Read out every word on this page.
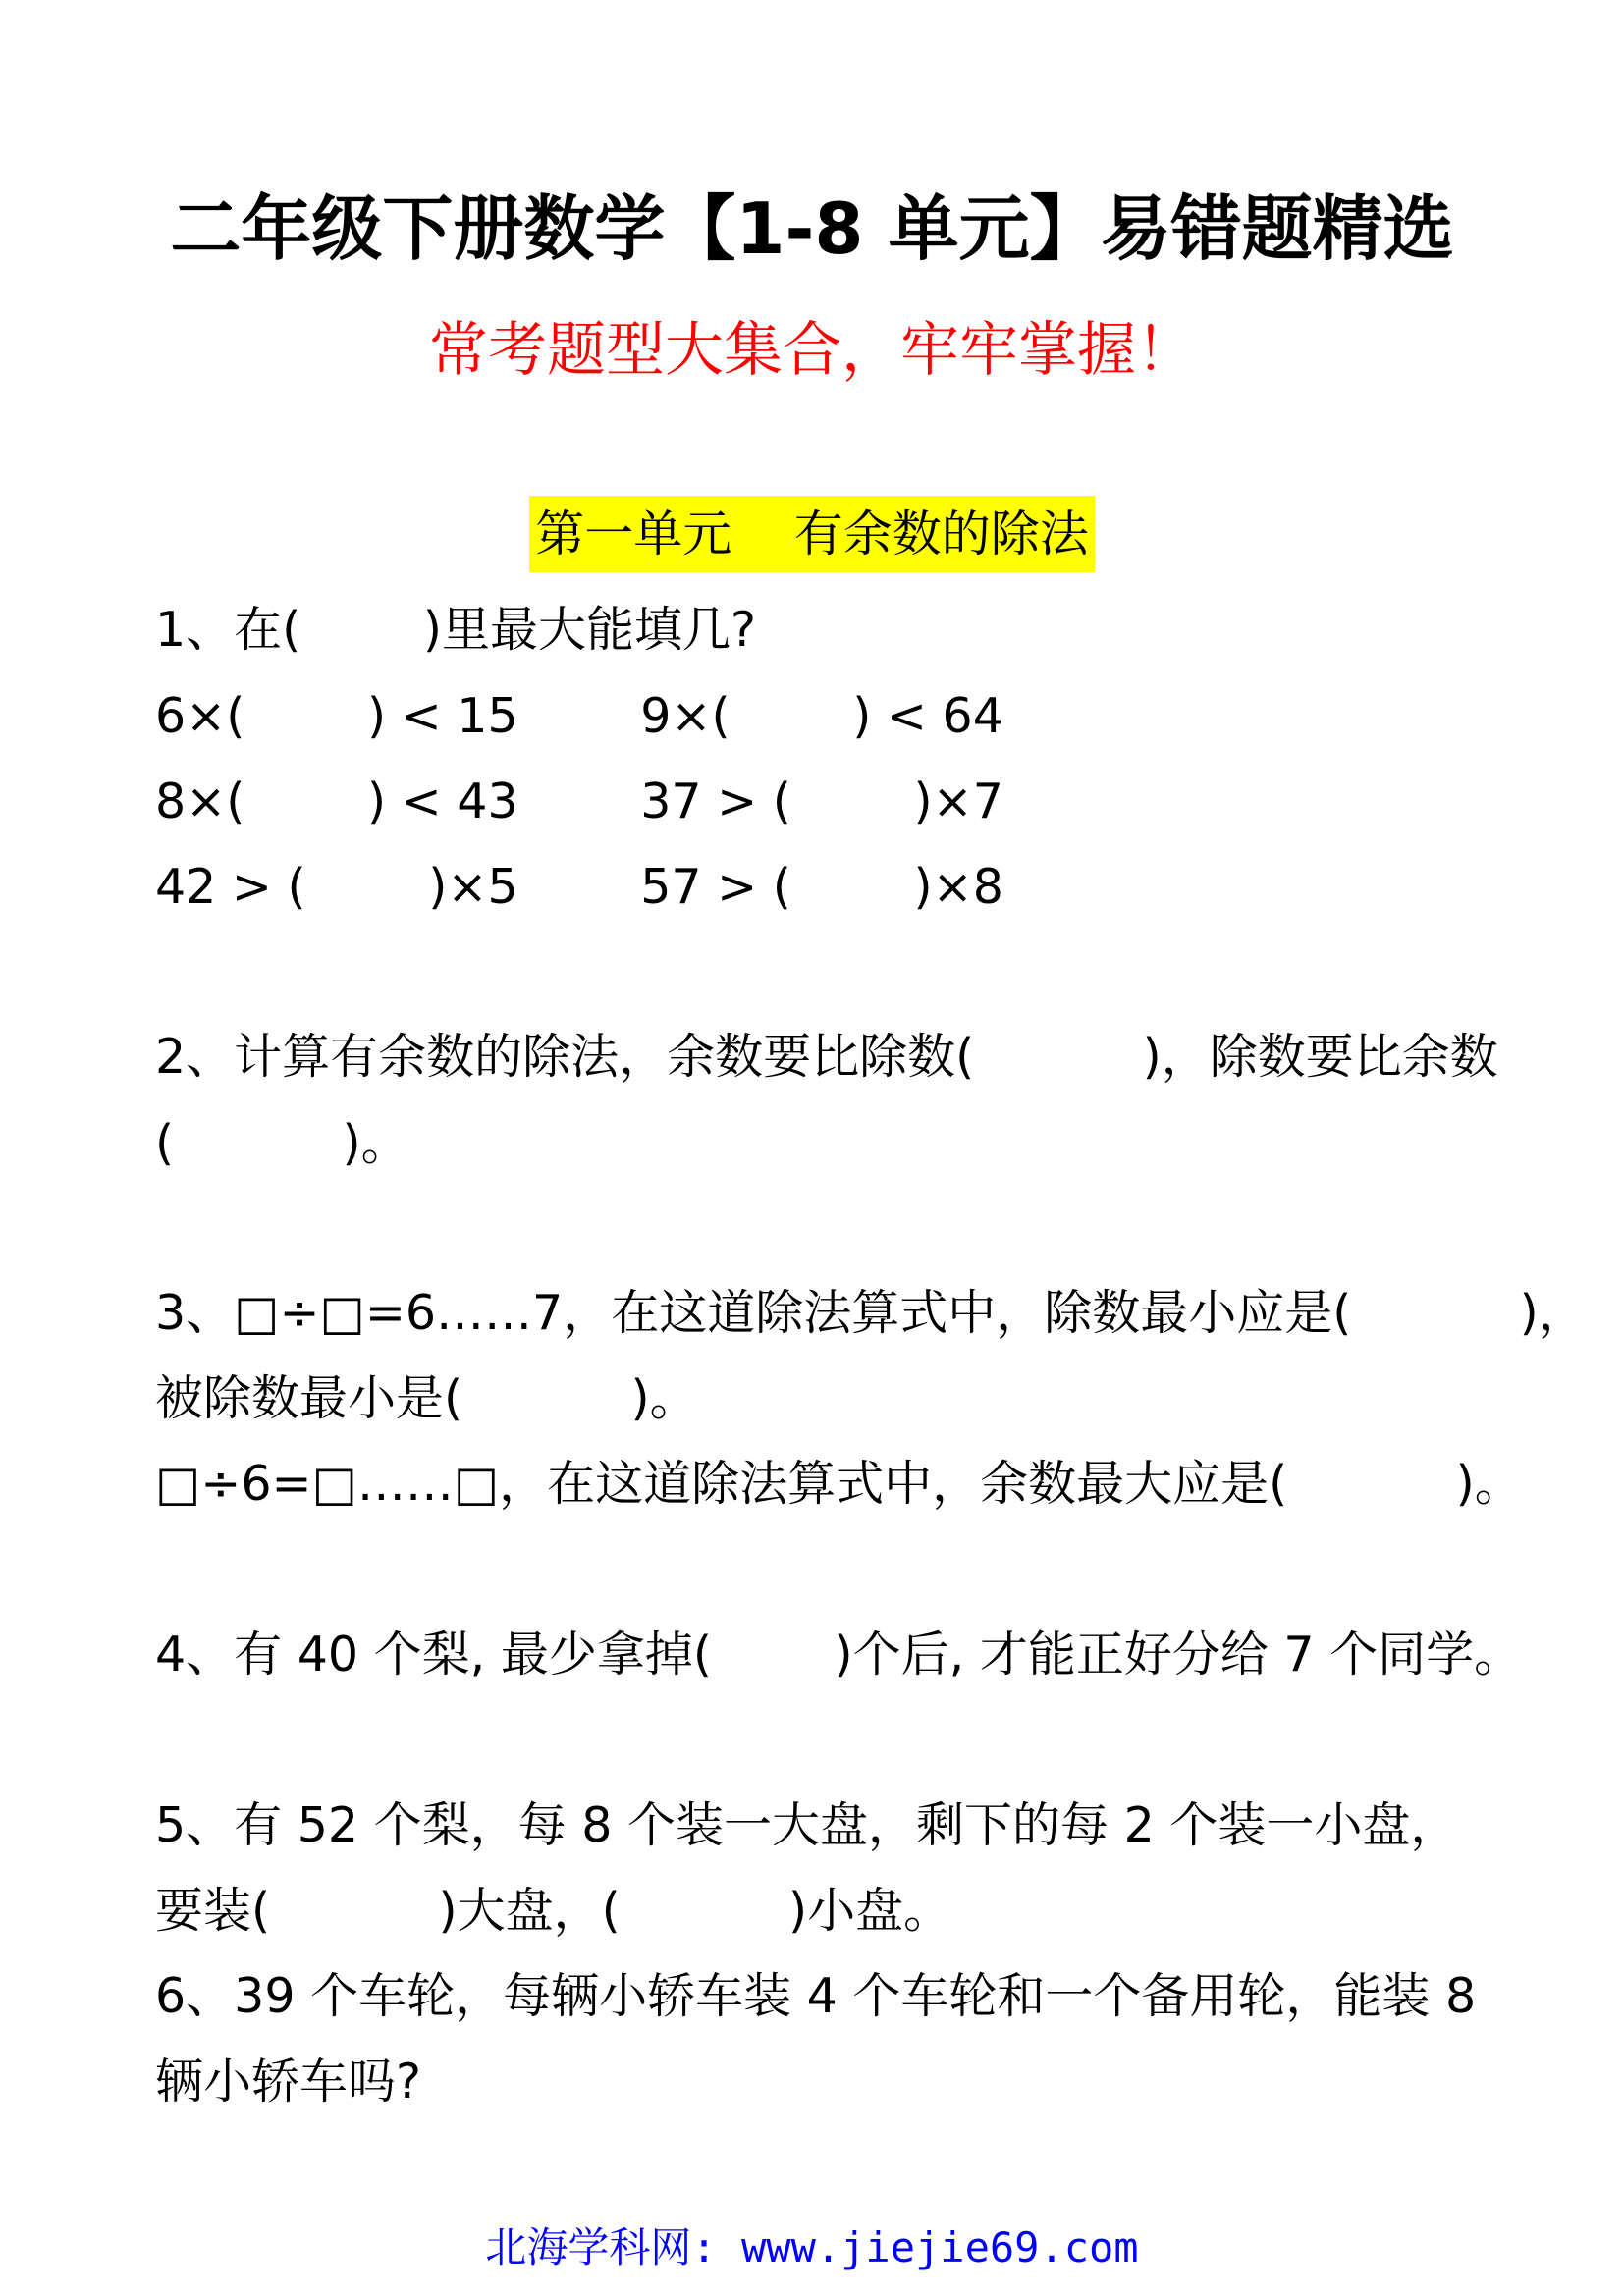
二年级下册数学【1-8 单元】易错题精选
常考题型大集合，牢牢掌握！
第一单元    有余数的除法
1、在(        )里最大能填几?
6×(        ) < 15        9×(        ) < 64
8×(        ) < 43        37 > (        )×7
42 > (        )×5        57 > (        )×8
2、计算有余数的除法，余数要比除数(           )，除数要比余数
(           )。
3、□÷□=6……7，在这道除法算式中，除数最小应是(           )，
被除数最小是(           )。
□÷6=□……□，在这道除法算式中，余数最大应是(           )。
4、有 40 个梨, 最少拿掉(        )个后, 才能正好分给 7 个同学。
5、有 52 个梨，每 8 个装一大盘，剩下的每 2 个装一小盘，
要装(           )大盘，(           )小盘。
6、39 个车轮，每辆小轿车装 4 个车轮和一个备用轮，能装 8
辆小轿车吗?
北海学科网: www.jiejie69.com
